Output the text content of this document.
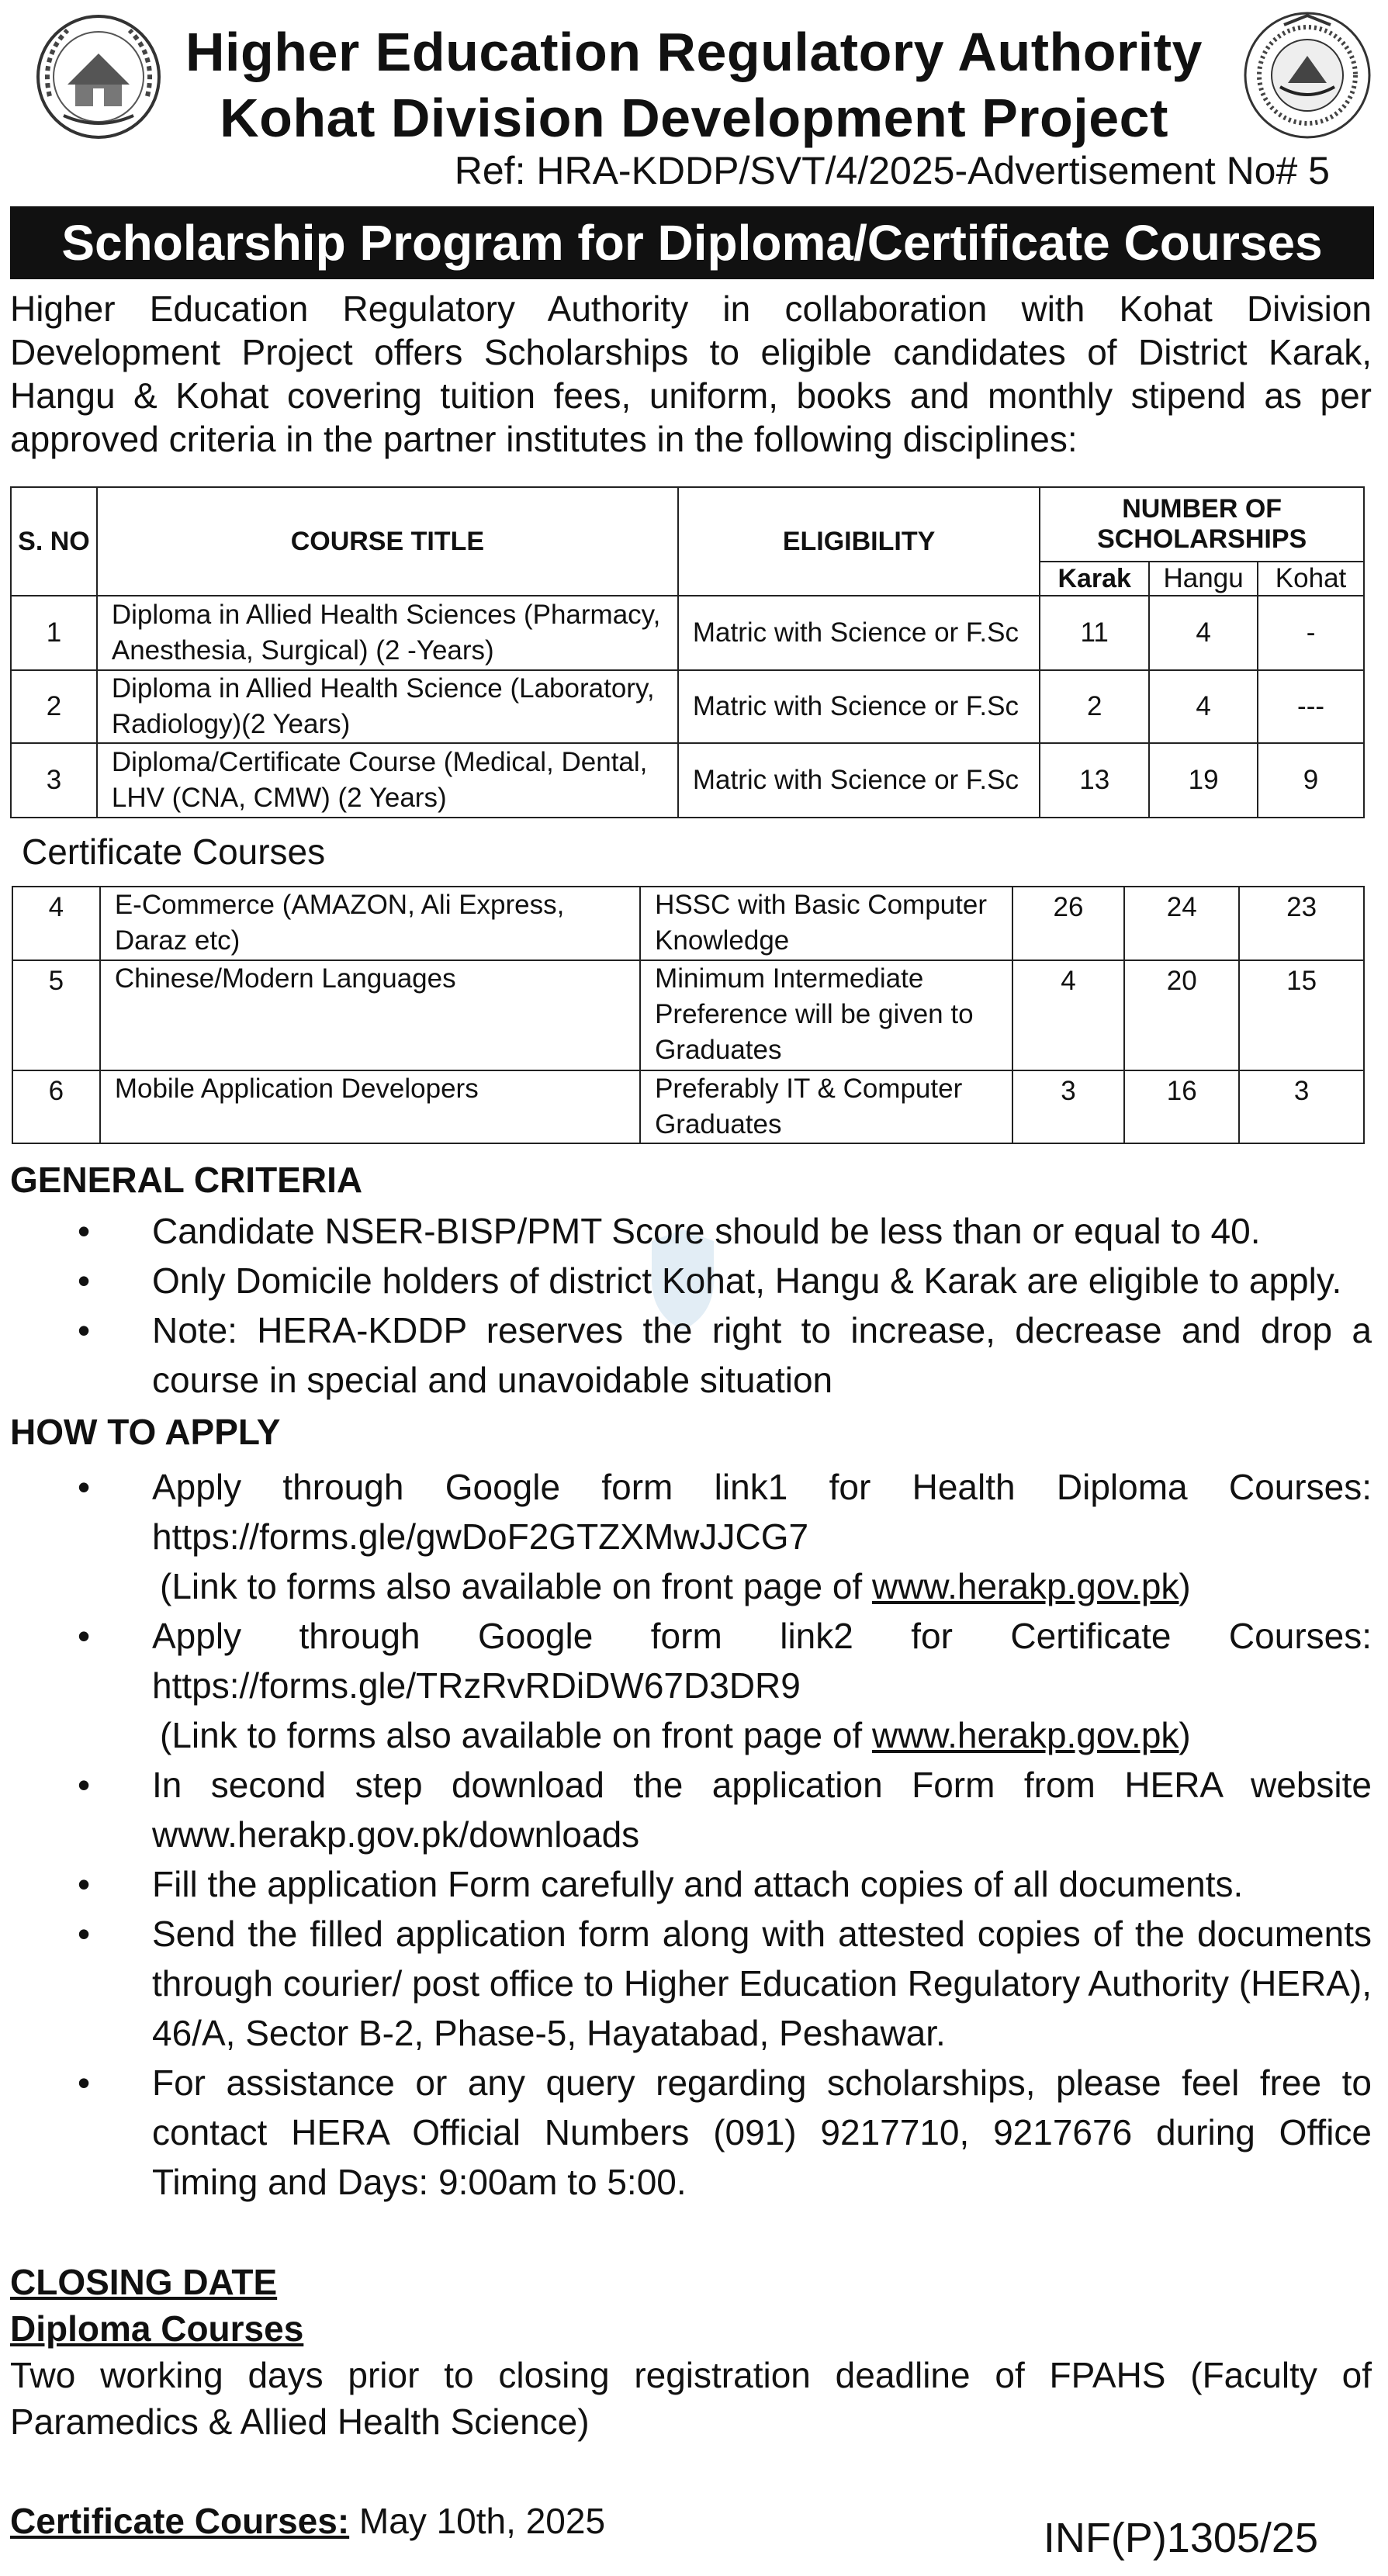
Higher Education Regulatory Authority
Kohat Division Development Project
Ref: HRA-KDDP/SVT/4/2025-Advertisement No# 5
Scholarship Program for Diploma/Certificate Courses

Higher Education Regulatory Authority in collaboration with Kohat Division Development Project offers Scholarships to eligible candidates of District Karak, Hangu & Kohat covering tuition fees, uniform, books and monthly stipend as per approved criteria in the partner institutes in the following disciplines:

S. NO	COURSE TITLE	ELIGIBILITY	NUMBER OF SCHOLARSHIPS		
			Karak	Hangu	Kohat
1	Diploma in Allied Health Sciences (Pharmacy, Anesthesia, Surgical) (2 -Years)	Matric with Science or F.Sc	11	4	-
2	Diploma in Allied Health Science (Laboratory, Radiology)(2 Years)	Matric with Science or F.Sc	2	4	---
3	Diploma/Certificate Course (Medical, Dental, LHV (CNA, CMW) (2 Years)	Matric with Science or F.Sc	13	19	9
Certificate Courses
4	E-Commerce (AMAZON, Ali Express, Daraz etc)	HSSC with Basic Computer Knowledge	26	24	23
5	Chinese/Modern Languages	Minimum Intermediate Preference will be given to Graduates	4	20	15
6	Mobile Application Developers	Preferably IT & Computer Graduates	3	16	3
GENERAL CRITERIA
• Candidate NSER-BISP/PMT Score should be less than or equal to 40.
• Only Domicile holders of district Kohat, Hangu & Karak are eligible to apply.
• Note: HERA-KDDP reserves the right to increase, decrease and drop a course in special and unavoidable situation
HOW TO APPLY
• Apply through Google form link1 for Health Diploma Courses: https://forms.gle/gwDoF2GTZXMwJJCG7
(Link to forms also available on front page of www.herakp.gov.pk)
• Apply through Google form link2 for Certificate Courses: https://forms.gle/TRzRvRDiDW67D3DR9
(Link to forms also available on front page of www.herakp.gov.pk)
• In second step download the application Form from HERA website www.herakp.gov.pk/downloads
• Fill the application Form carefully and attach copies of all documents.
• Send the filled application form along with attested copies of the documents through courier/ post office to Higher Education Regulatory Authority (HERA), 46/A, Sector B-2, Phase-5, Hayatabad, Peshawar.
• For assistance or any query regarding scholarships, please feel free to contact HERA Official Numbers (091) 9217710, 9217676 during Office Timing and Days: 9:00am to 5:00.
CLOSING DATE
Diploma Courses
Two working days prior to closing registration deadline of FPAHS (Faculty of Paramedics & Allied Health Science)
Certificate Courses: May 10th, 2025	INF(P)1305/25
